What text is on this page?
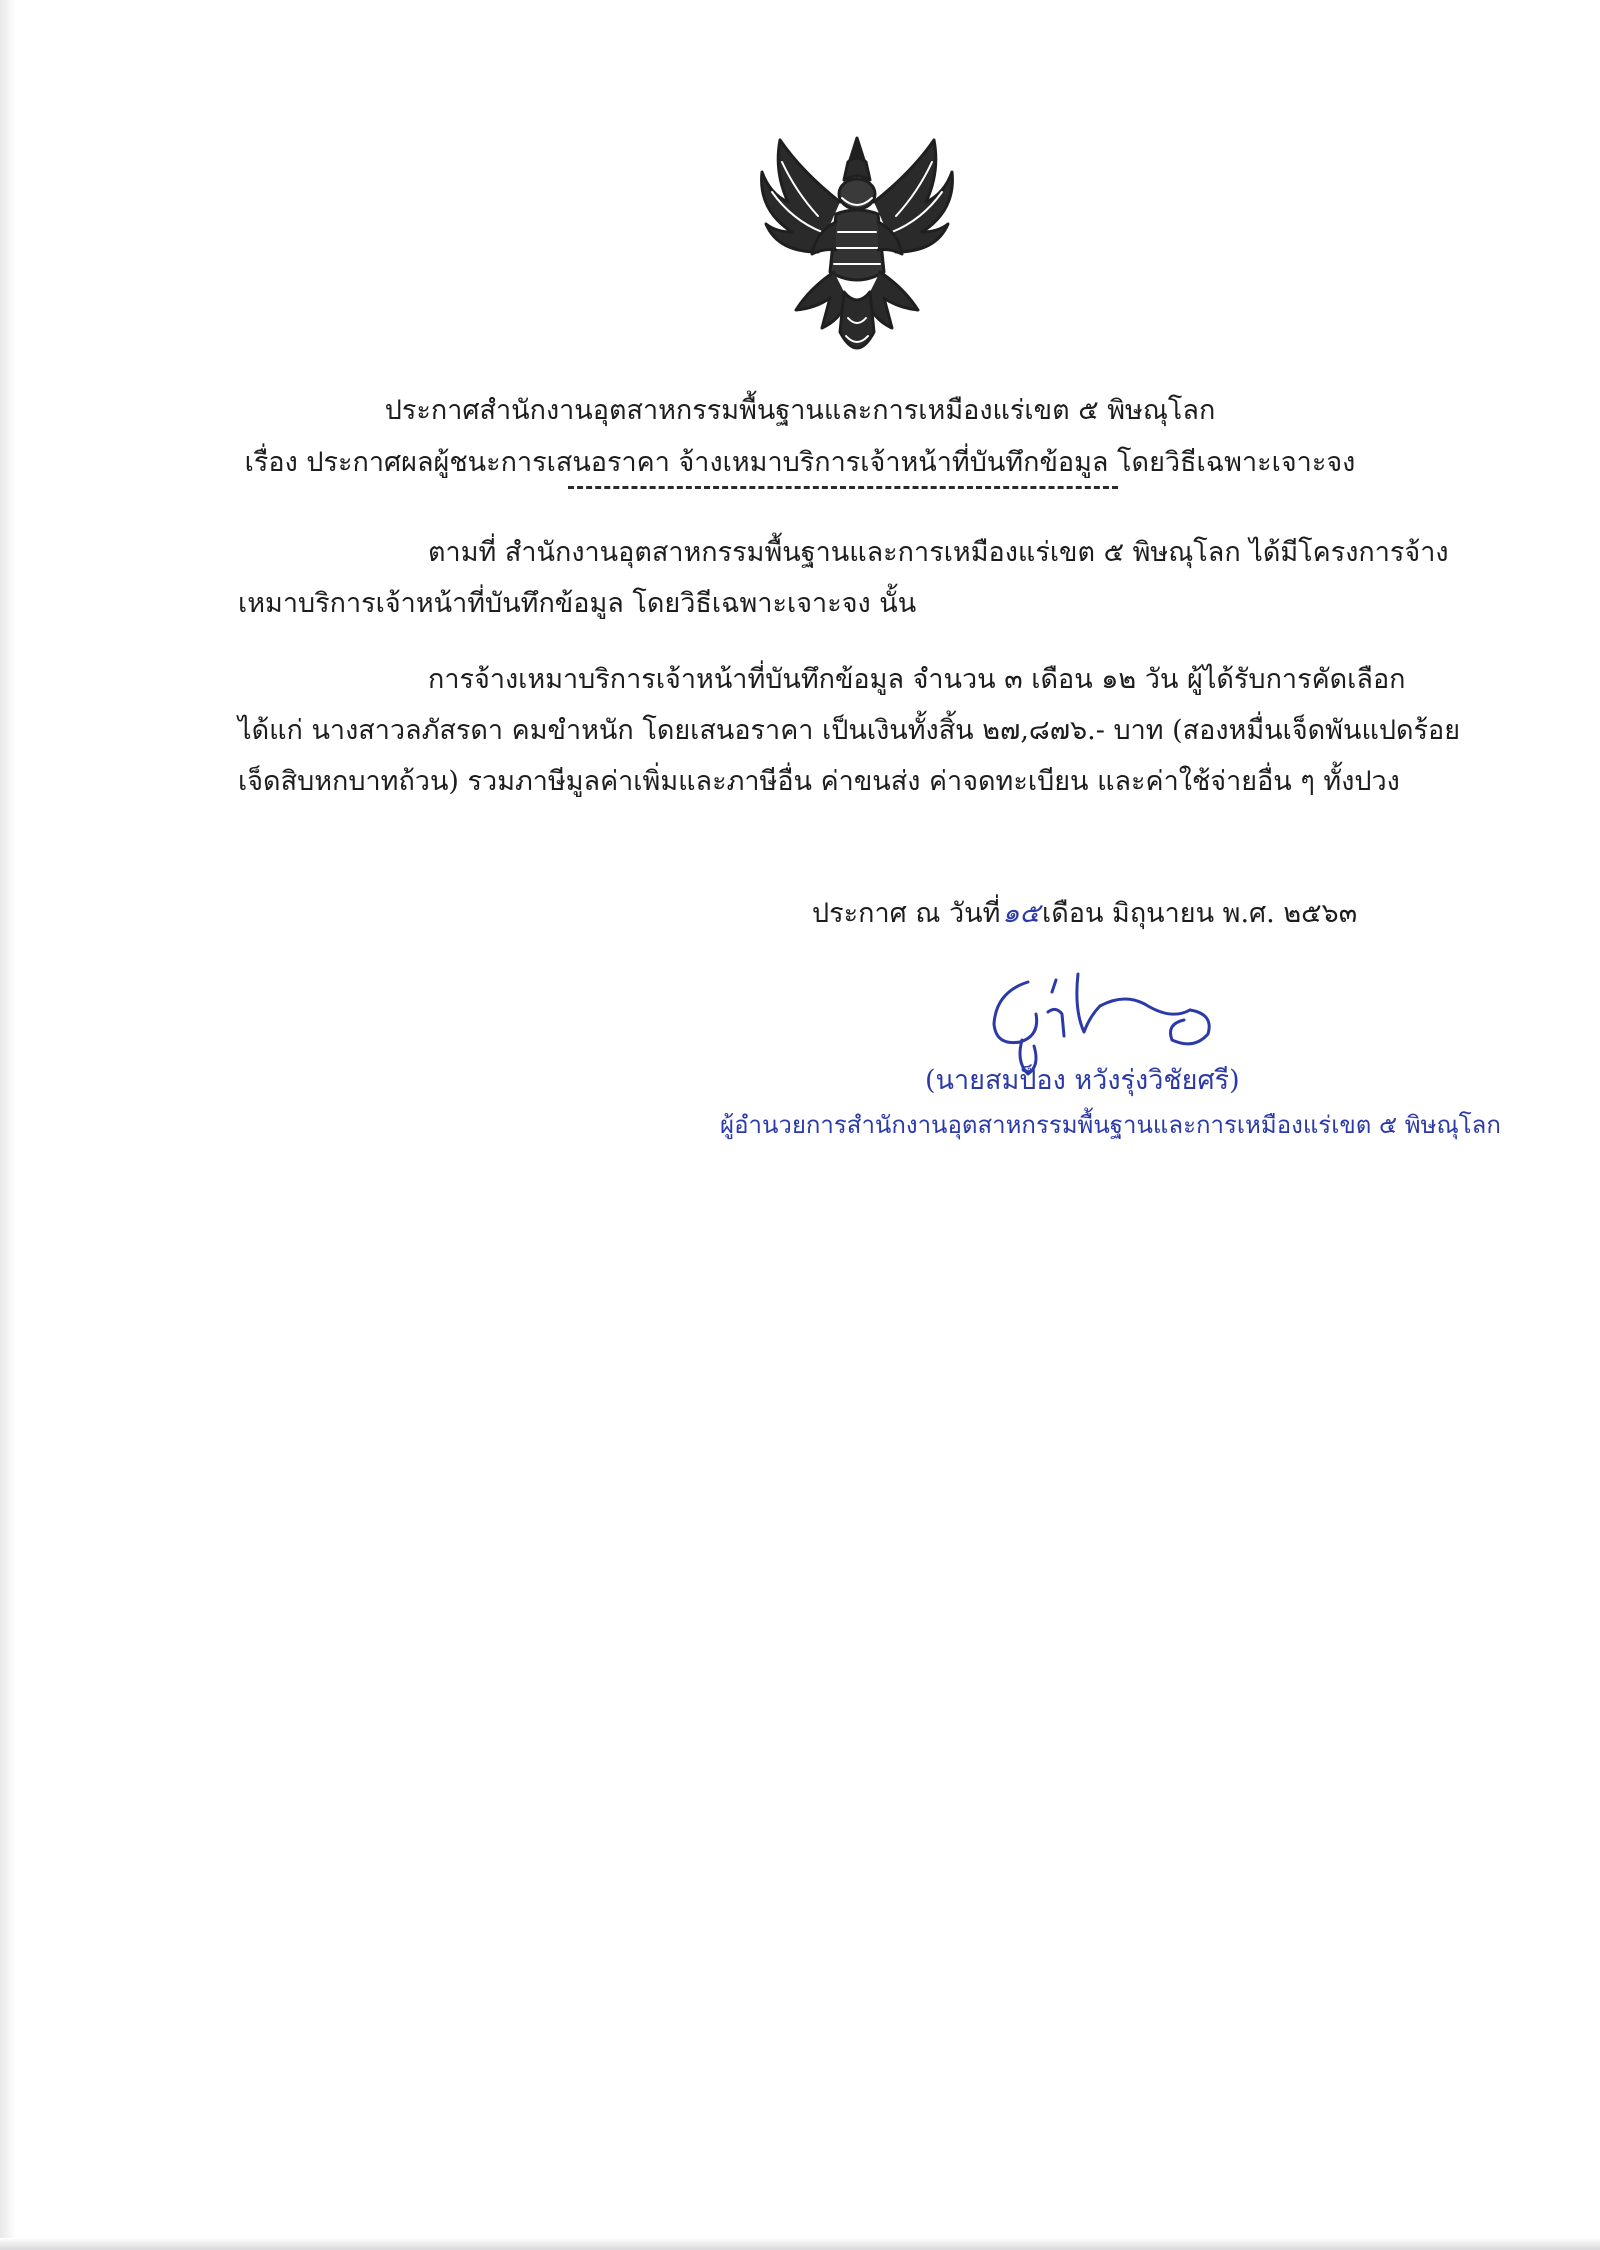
ประกาศสำนักงานอุตสาหกรรมพื้นฐานและการเหมืองแร่เขต ๕ พิษณุโลก
เรื่อง ประกาศผลผู้ชนะการเสนอราคา จ้างเหมาบริการเจ้าหน้าที่บันทึกข้อมูล โดยวิธีเฉพาะเจาะจง
ตามที่ สำนักงานอุตสาหกรรมพื้นฐานและการเหมืองแร่เขต ๕ พิษณุโลก ได้มีโครงการจ้าง
เหมาบริการเจ้าหน้าที่บันทึกข้อมูล โดยวิธีเฉพาะเจาะจง นั้น
การจ้างเหมาบริการเจ้าหน้าที่บันทึกข้อมูล จำนวน ๓ เดือน ๑๒ วัน ผู้ได้รับการคัดเลือก
ได้แก่ นางสาวลภัสรดา คมขำหนัก โดยเสนอราคา เป็นเงินทั้งสิ้น ๒๗,๘๗๖.- บาท (สองหมื่นเจ็ดพันแปดร้อย
เจ็ดสิบหกบาทถ้วน) รวมภาษีมูลค่าเพิ่มและภาษีอื่น ค่าขนส่ง ค่าจดทะเบียน และค่าใช้จ่ายอื่น ๆ ทั้งปวง
ประกาศ ณ วันที่๑๕เดือน มิถุนายน พ.ศ. ๒๕๖๓
(นายสมป็อง หวังรุ่งวิชัยศรี)
ผู้อำนวยการสำนักงานอุตสาหกรรมพื้นฐานและการเหมืองแร่เขต ๕ พิษณุโลก
